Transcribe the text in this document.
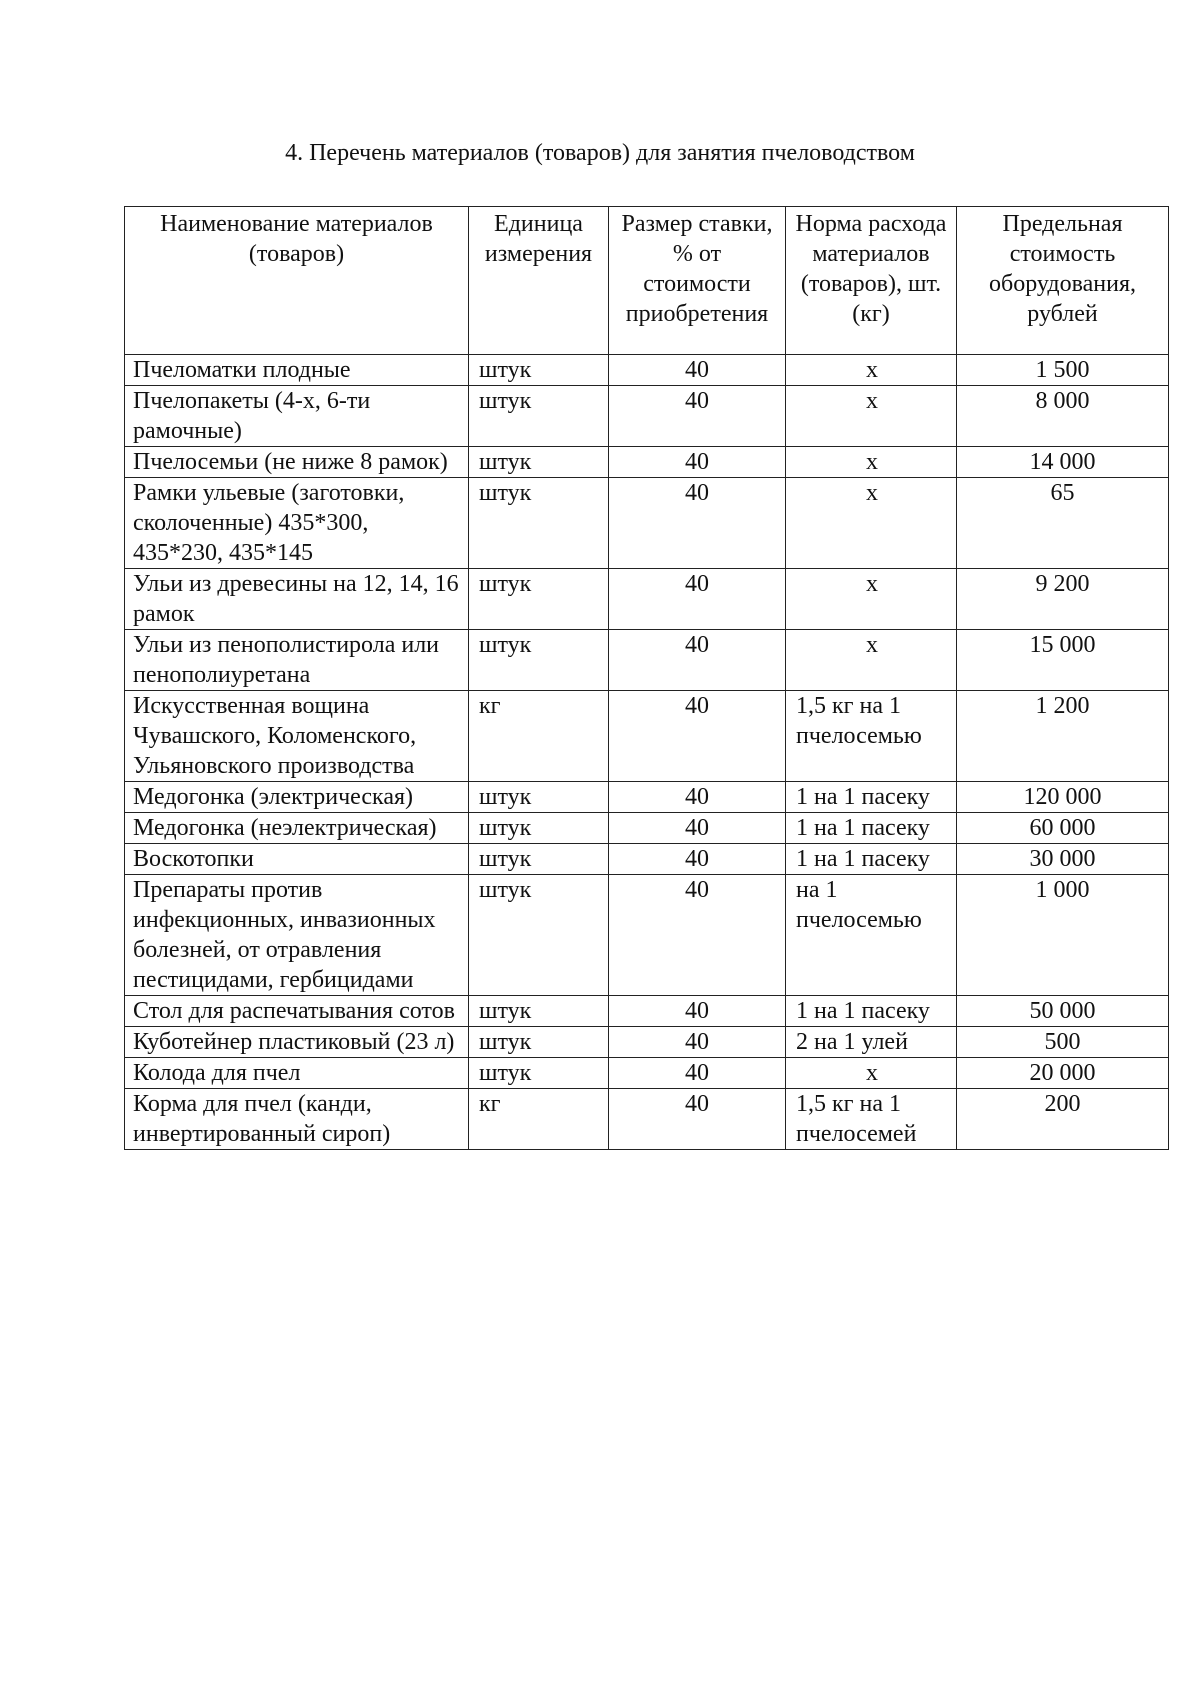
4. Перечень материалов (товаров) для занятия пчеловодством
Наименование материалов (товаров)	Единица измерения	Размер ставки, % от стоимости приобретения	Норма расхода материалов (товаров), шт. (кг)	Предельная стоимость оборудования, рублей
Пчеломатки плодные	штук	40	х	1 500
Пчелопакеты (4-х, 6-ти рамочные)	штук	40	х	8 000
Пчелосемьи (не ниже 8 рамок)	штук	40	х	14 000
Рамки ульевые (заготовки, сколоченные) 435*300, 435*230, 435*145	штук	40	х	65
Ульи из древесины на 12, 14, 16 рамок	штук	40	х	9 200
Ульи из пенополистирола или пенополиуретана	штук	40	х	15 000
Искусственная вощина Чувашского, Коломенского, Ульяновского производства	кг	40	1,5 кг на 1 пчелосемью	1 200
Медогонка (электрическая)	штук	40	1 на 1 пасеку	120 000
Медогонка (неэлектрическая)	штук	40	1 на 1 пасеку	60 000
Воскотопки	штук	40	1 на 1 пасеку	30 000
Препараты против инфекционных, инвазионных болезней, от отравления пестицидами, гербицидами	штук	40	на 1 пчелосемью	1 000
Стол для распечатывания сотов	штук	40	1 на 1 пасеку	50 000
Куботейнер пластиковый (23 л)	штук	40	2 на 1 улей	500
Колода для пчел	штук	40	х	20 000
Корма для пчел (канди, инвертированный сироп)	кг	40	1,5 кг на 1 пчелосемей	200
